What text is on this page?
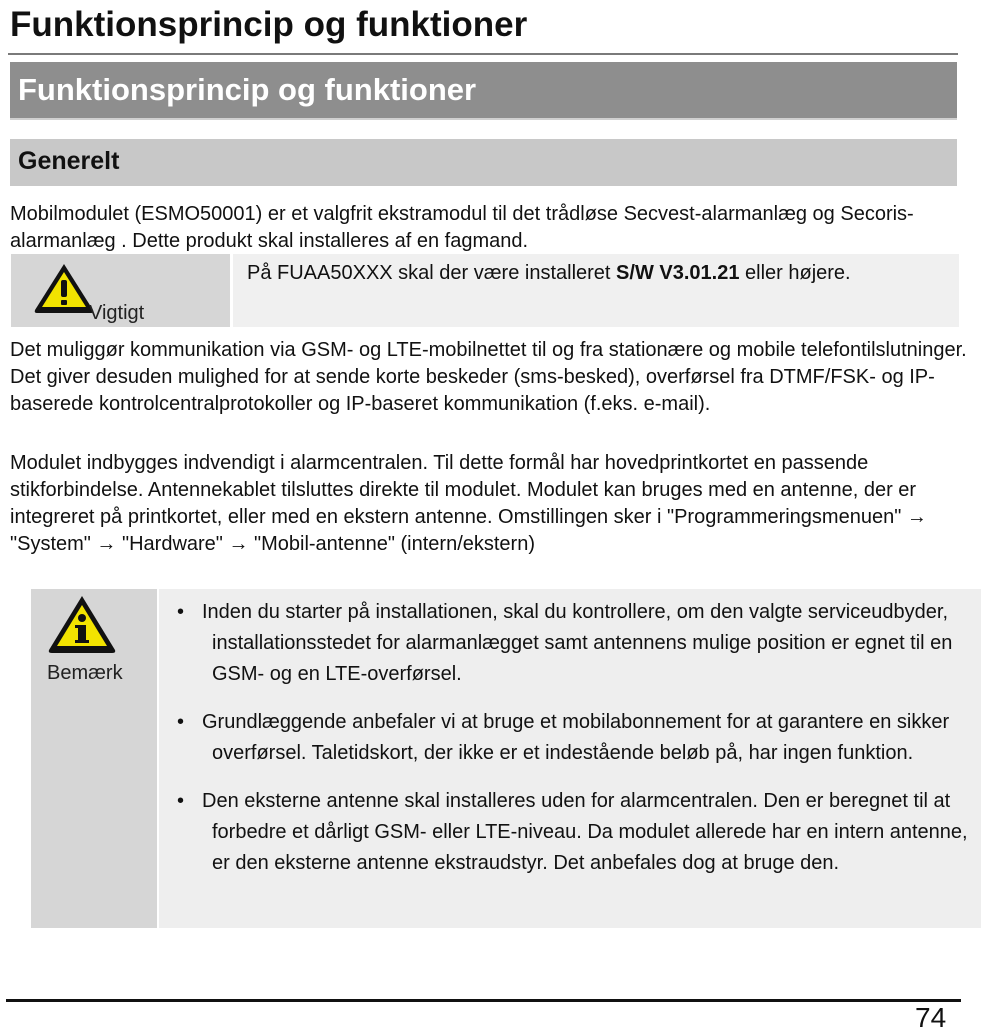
Funktionsprincip og funktioner
Funktionsprincip og funktioner
Generelt

Mobilmodulet (ESMO50001) er et valgfrit ekstramodul til det trådløse Secvest-alarmanlæg og Secoris- alarmanlæg . Dette produkt skal installeres af en fagmand.

Vigtigt

På FUAA50XXX skal der være installeret S/W V3.01.21 eller højere.

Det muliggør kommunikation via GSM- og LTE-mobilnettet til og fra stationære og mobile telefontilslutninger. Det giver desuden mulighed for at sende korte beskeder (sms-besked), overførsel fra DTMF/FSK- og IP-baserede kontrolcentralprotokoller og IP-baseret kommunikation (f.eks. e-mail).

Modulet indbygges indvendigt i alarmcentralen. Til dette formål har hovedprintkortet en passende stikforbindelse. Antennekablet tilsluttes direkte til modulet. Modulet kan bruges med en antenne, der er integreret på printkortet, eller med en ekstern antenne. Omstillingen sker i "Programmeringsmenuen" → "System" → "Hardware" → "Mobil-antenne" (intern/ekstern)

Bemærk
• Inden du starter på installationen, skal du kontrollere, om den valgte serviceudbyder, installationsstedet for alarmanlægget samt antennens mulige position er egnet til en GSM- og en LTE-overførsel.
• Grundlæggende anbefaler vi at bruge et mobilabonnement for at garantere en sikker overførsel. Taletidskort, der ikke er et indestående beløb på, har ingen funktion.
• Den eksterne antenne skal installeres uden for alarmcentralen. Den er beregnet til at forbedre et dårligt GSM- eller LTE-niveau. Da modulet allerede har en intern antenne, er den eksterne antenne ekstraudstyr. Det anbefales dog at bruge den.
74
